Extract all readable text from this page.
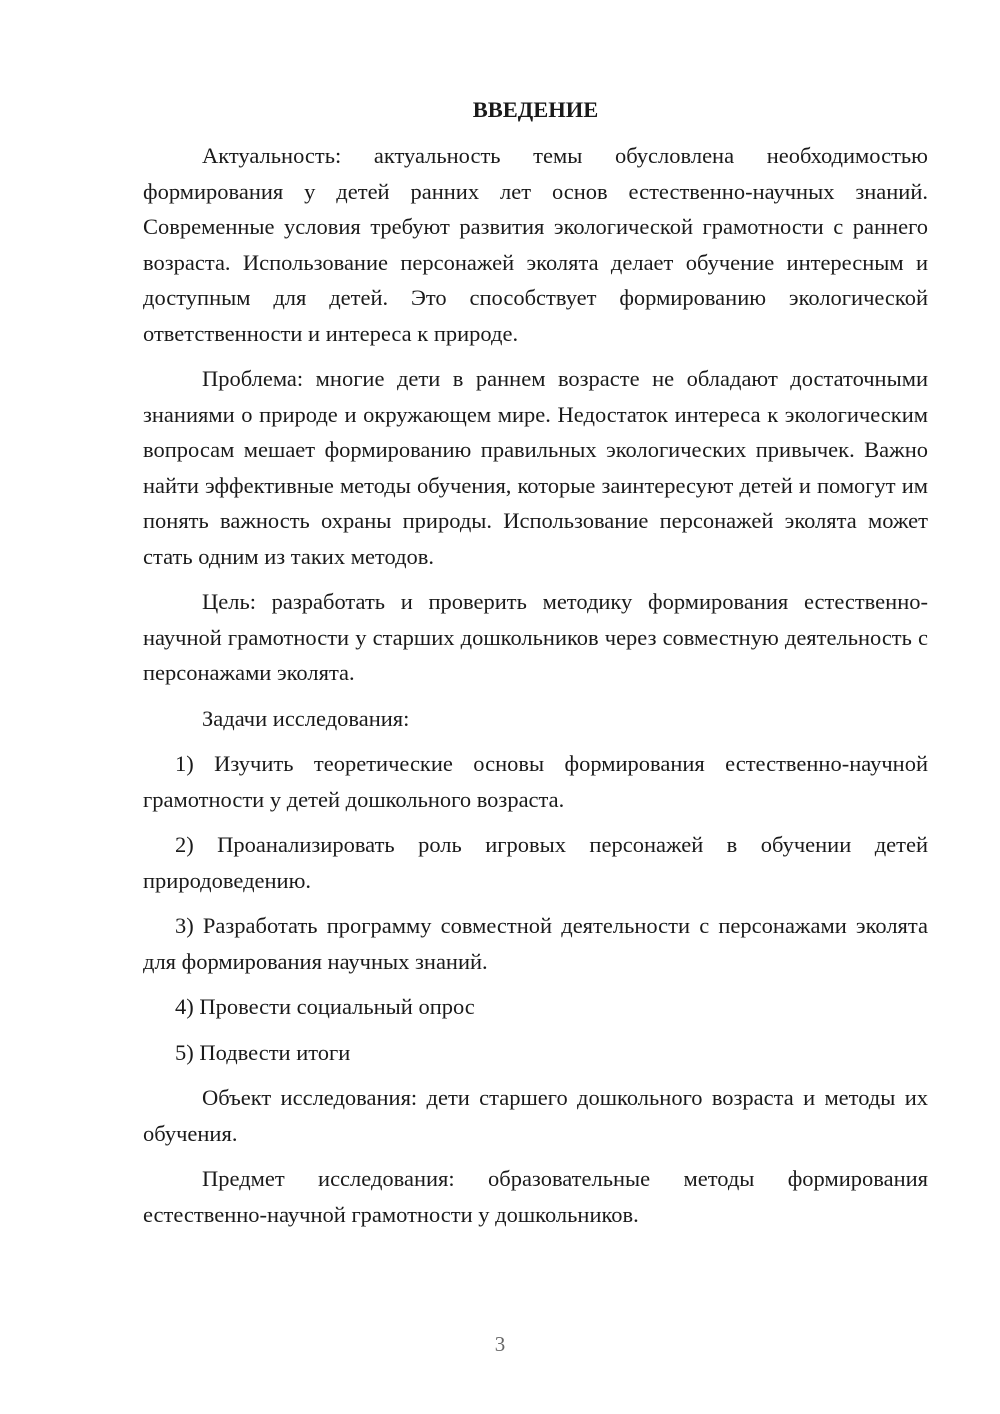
ВВЕДЕНИЕ

Актуальность: актуальность темы обусловлена необходимостью формирования у детей ранних лет основ естественно-научных знаний. Современные условия требуют развития экологической грамотности с раннего возраста. Использование персонажей эколята делает обучение интересным и доступным для детей. Это способствует формированию экологической ответственности и интереса к природе.

Проблема: многие дети в раннем возрасте не обладают достаточными знаниями о природе и окружающем мире. Недостаток интереса к экологическим вопросам мешает формированию правильных экологических привычек. Важно найти эффективные методы обучения, которые заинтересуют детей и помогут им понять важность охраны природы. Использование персонажей эколята может стать одним из таких методов.

Цель: разработать и проверить методику формирования естественно-научной грамотности у старших дошкольников через совместную деятельность с персонажами эколята.

Задачи исследования:

1) Изучить теоретические основы формирования естественно-научной грамотности у детей дошкольного возраста.

2) Проанализировать роль игровых персонажей в обучении детей природоведению.

3) Разработать программу совместной деятельности с персонажами эколята для формирования научных знаний.

4) Провести социальный опрос

5) Подвести итоги

Объект исследования: дети старшего дошкольного возраста и методы их обучения.

Предмет исследования: образовательные методы формирования естественно-научной грамотности у дошкольников.

3
